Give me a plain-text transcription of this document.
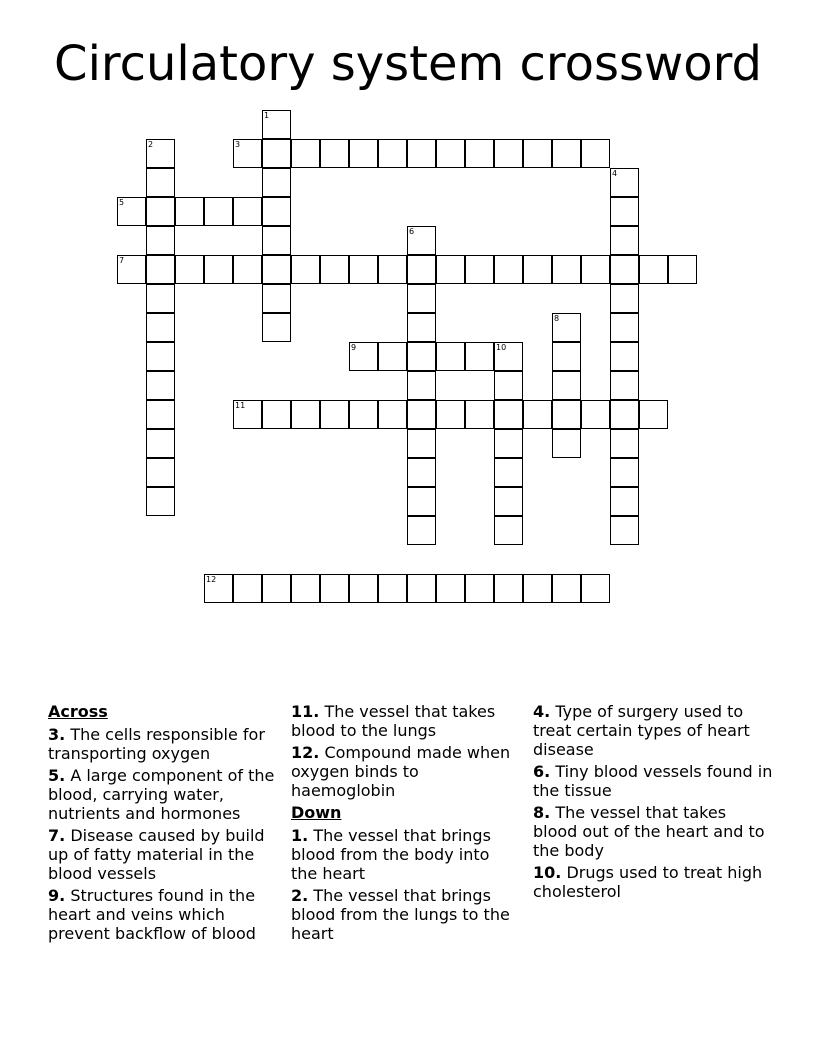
Circulatory system crossword
1
2	3
4
5
6
7
8
9	10
11
12
Across
3. The cells responsible for transporting oxygen
5. A large component of the blood, carrying water, nutrients and hormones
7. Disease caused by build up of fatty material in the blood vessels
9. Structures found in the heart and veins which prevent backflow of blood
11. The vessel that takes blood to the lungs
12. Compound made when oxygen binds to haemoglobin
Down
1. The vessel that brings blood from the body into the heart
2. The vessel that brings blood from the lungs to the heart
4. Type of surgery used to treat certain types of heart disease
6. Tiny blood vessels found in the tissue
8. The vessel that takes blood out of the heart and to the body
10. Drugs used to treat high cholesterol
